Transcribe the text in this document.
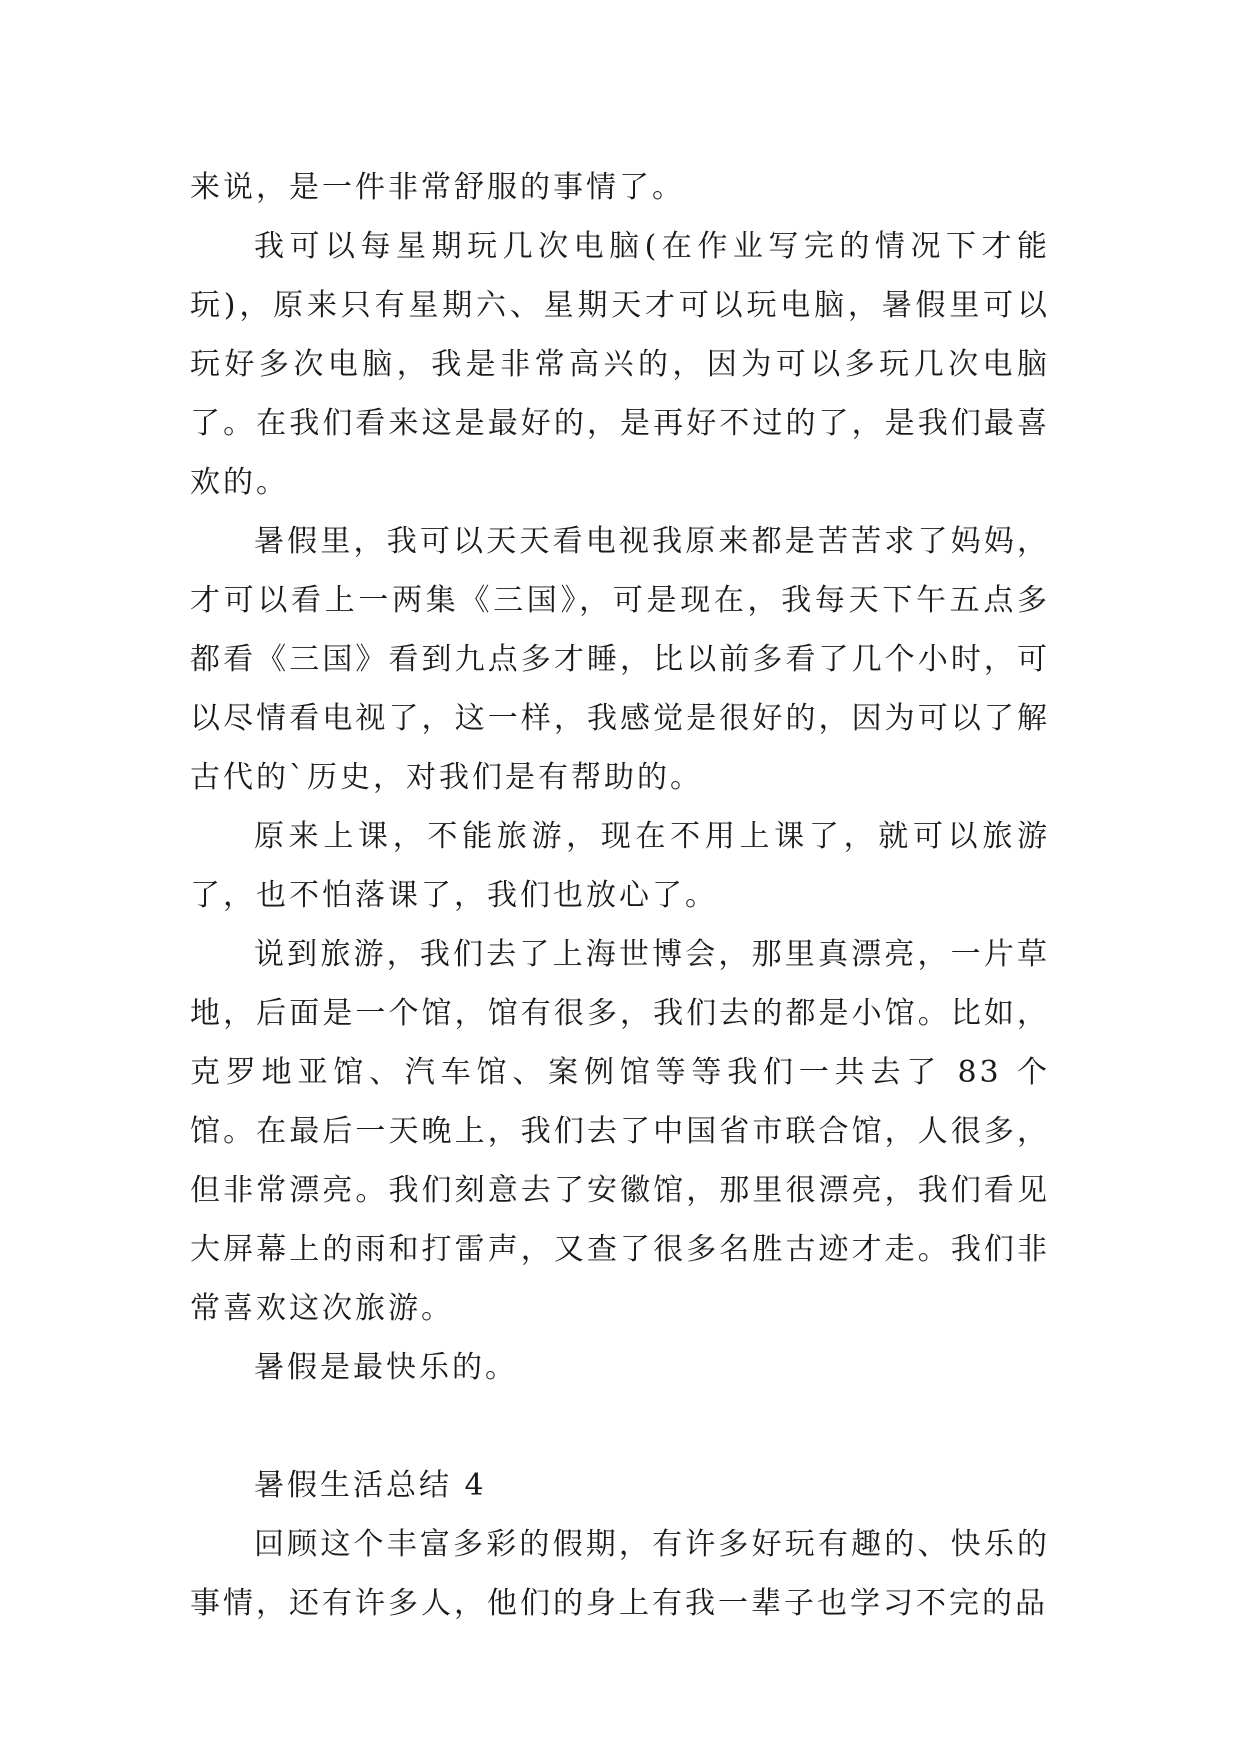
来说，是一件非常舒服的事情了。

我可以每星期玩几次电脑(在作业写完的情况下才能玩)，原来只有星期六、星期天才可以玩电脑，暑假里可以玩好多次电脑，我是非常高兴的，因为可以多玩几次电脑了。在我们看来这是最好的，是再好不过的了，是我们最喜欢的。

暑假里，我可以天天看电视我原来都是苦苦求了妈妈，才可以看上一两集《三国》，可是现在，我每天下午五点多都看《三国》看到九点多才睡，比以前多看了几个小时，可以尽情看电视了，这一样，我感觉是很好的，因为可以了解古代的`历史，对我们是有帮助的。

原来上课，不能旅游，现在不用上课了，就可以旅游了，也不怕落课了，我们也放心了。

说到旅游，我们去了上海世博会，那里真漂亮，一片草地，后面是一个馆，馆有很多，我们去的都是小馆。比如，克罗地亚馆、汽车馆、案例馆等等我们一共去了 83 个馆。在最后一天晚上，我们去了中国省市联合馆，人很多，但非常漂亮。我们刻意去了安徽馆，那里很漂亮，我们看见大屏幕上的雨和打雷声，又查了很多名胜古迹才走。我们非常喜欢这次旅游。

暑假是最快乐的。

暑假生活总结 4

回顾这个丰富多彩的假期，有许多好玩有趣的、快乐的事情，还有许多人，他们的身上有我一辈子也学习不完的品
